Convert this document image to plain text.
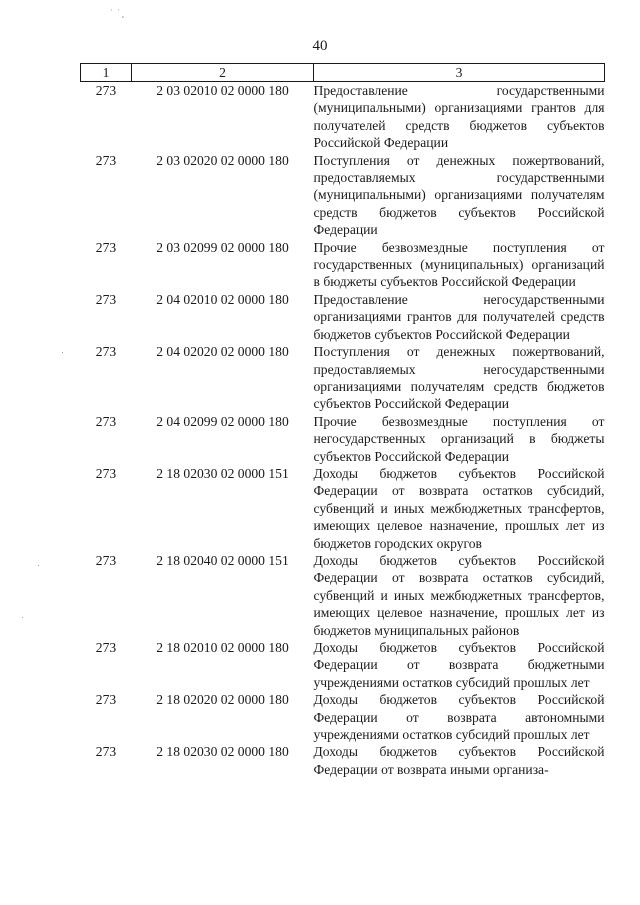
˙ ˙¸
40
1	2	3
273	2 03 02010 02 0000 180	Предоставление государственными (муниципальными) организациями грантов для получателей средств бюджетов субъектов Российской Федерации
273	2 03 02020 02 0000 180	Поступления от денежных пожертвований, предоставляемых государственными (муниципальными) организациями получателям средств бюджетов субъектов Российской Федерации
273	2 03 02099 02 0000 180	Прочие безвозмездные поступления от государственных (муниципальных) организаций в бюджеты субъектов Российской Федерации
273	2 04 02010 02 0000 180	Предоставление негосударственными организациями грантов для получателей средств бюджетов субъектов Российской Федерации
273	2 04 02020 02 0000 180	Поступления от денежных пожертвований, предоставляемых негосударственными организациями получателям средств бюджетов субъектов Российской Федерации
273	2 04 02099 02 0000 180	Прочие безвозмездные поступления от негосударственных организаций в бюджеты субъектов Российской Федерации
273	2 18 02030 02 0000 151	Доходы бюджетов субъектов Российской Федерации от возврата остатков субсидий, субвенций и иных межбюджетных трансфертов, имеющих целевое назначение, прошлых лет из бюджетов городских округов
273	2 18 02040 02 0000 151	Доходы бюджетов субъектов Российской Федерации от возврата остатков субсидий, субвенций и иных межбюджетных трансфертов, имеющих целевое назначение, прошлых лет из бюджетов муниципальных районов
273	2 18 02010 02 0000 180	Доходы бюджетов субъектов Российской Федерации от возврата бюджетными учреждениями остатков субсидий прошлых лет
273	2 18 02020 02 0000 180	Доходы бюджетов субъектов Российской Федерации от возврата автономными учреждениями остатков субсидий прошлых лет
273	2 18 02030 02 0000 180	Доходы бюджетов субъектов Российской Федерации от возврата иными организа-
